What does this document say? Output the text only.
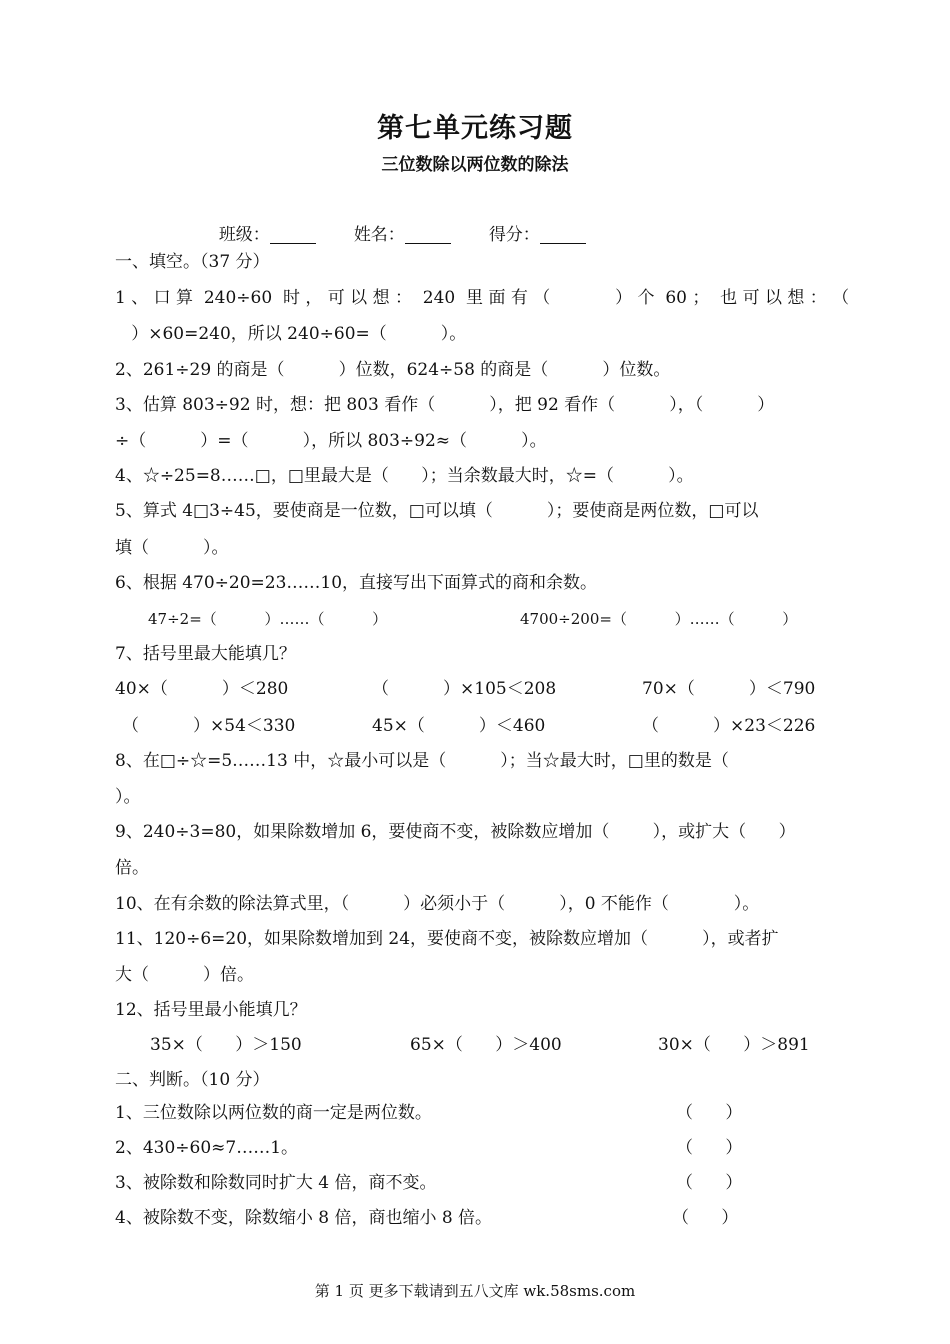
第七单元练习题
三位数除以两位数的除法

班级：	姓名：	得分：

一、填空。（37 分）
1 、 口 算  240÷60  时 ， 可 以 想 ：  240  里 面 有 （            ） 个  60 ；  也 可 以 想 ： （
）×60=240，所以 240÷60=（          ）。
2、261÷29 的商是（          ）位数，624÷58 的商是（          ）位数。
3、估算 803÷92 时，想：把 803 看作（          ），把 92 看作（          ），（          ）
÷（          ）=（          ），所以 803÷92≈（          ）。
4、☆÷25=8……□，□里最大是（      ）；当余数最大时，☆=（          ）。
5、算式 4□3÷45，要使商是一位数，□可以填（          ）；要使商是两位数，□可以
填（          ）。
6、根据 470÷20=23……10，直接写出下面算式的商和余数。
47÷2=（          ）……（          ）	4700÷200=（          ）……（          ）
7、括号里最大能填几？
40×（          ）＜280	（          ）×105＜208	70×（          ）＜790
（          ）×54＜330	45×（          ）＜460	（          ）×23＜226
8、在□÷☆=5……13 中，☆最小可以是（          ）；当☆最大时，□里的数是（
）。
9、240÷3=80，如果除数增加 6，要使商不变，被除数应增加（        ），或扩大（      ）
倍。
10、在有余数的除法算式里，（          ）必须小于（          ），0 不能作（            ）。
11、120÷6=20，如果除数增加到 24，要使商不变，被除数应增加（          ），或者扩
大（          ）倍。
12、括号里最小能填几？
35×（      ）＞150	65×（      ）＞400	30×（      ）＞891
二、判断。（10 分）
1、三位数除以两位数的商一定是两位数。	（      ）
2、430÷60≈7……1。	（      ）
3、被除数和除数同时扩大 4 倍，商不变。	（      ）
4、被除数不变，除数缩小 8 倍，商也缩小 8 倍。	（      ）
第 1 页 更多下载请到五八文库 wk.58sms.com
